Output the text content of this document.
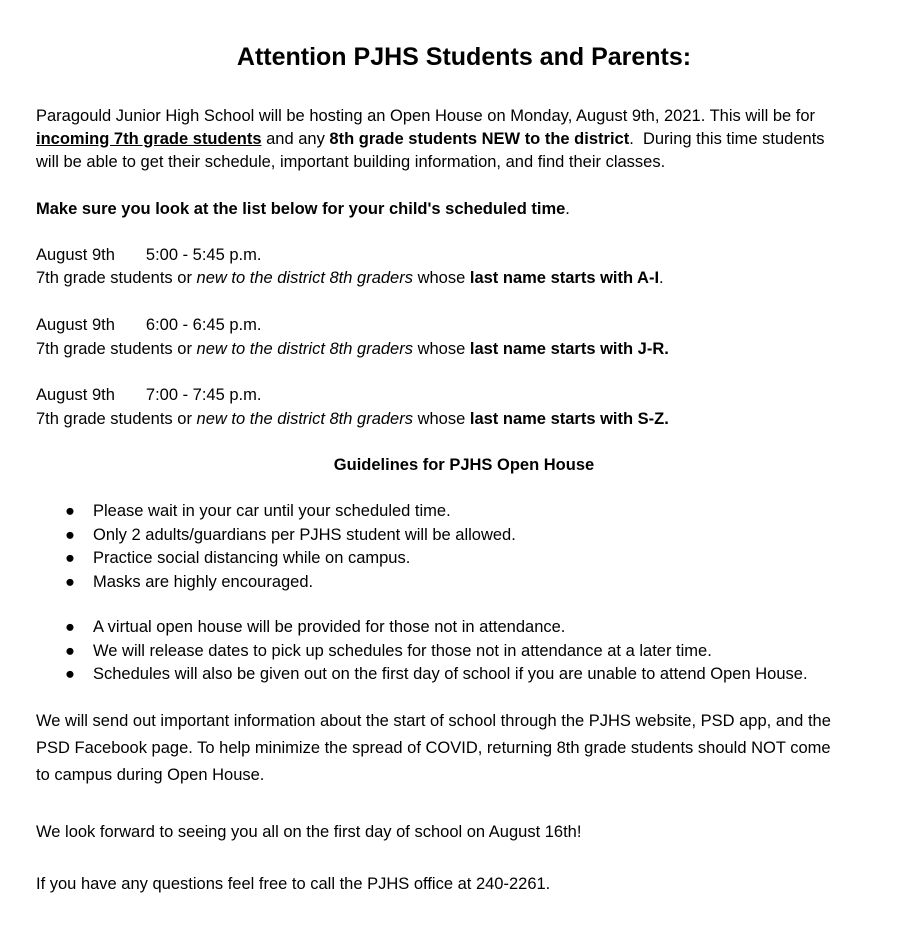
Attention PJHS Students and Parents:
Paragould Junior High School will be hosting an Open House on Monday, August 9th, 2021. This will be for
incoming 7th grade students and any 8th grade students NEW to the district.  During this time students
will be able to get their schedule, important building information, and find their classes.
Make sure you look at the list below for your child's scheduled time.
August 9th 5:00 - 5:45 p.m.
7th grade students or new to the district 8th graders whose last name starts with A-I.
August 9th 6:00 - 6:45 p.m.
7th grade students or new to the district 8th graders whose last name starts with J-R.
August 9th 7:00 - 7:45 p.m.
7th grade students or new to the district 8th graders whose last name starts with S-Z.
Guidelines for PJHS Open House
● Please wait in your car until your scheduled time.
● Only 2 adults/guardians per PJHS student will be allowed.
● Practice social distancing while on campus.
● Masks are highly encouraged.
● A virtual open house will be provided for those not in attendance.
● We will release dates to pick up schedules for those not in attendance at a later time.
● Schedules will also be given out on the first day of school if you are unable to attend Open House.
We will send out important information about the start of school through the PJHS website, PSD app, and the
PSD Facebook page. To help minimize the spread of COVID, returning 8th grade students should NOT come
to campus during Open House.
We look forward to seeing you all on the first day of school on August 16th!
If you have any questions feel free to call the PJHS office at 240-2261.
